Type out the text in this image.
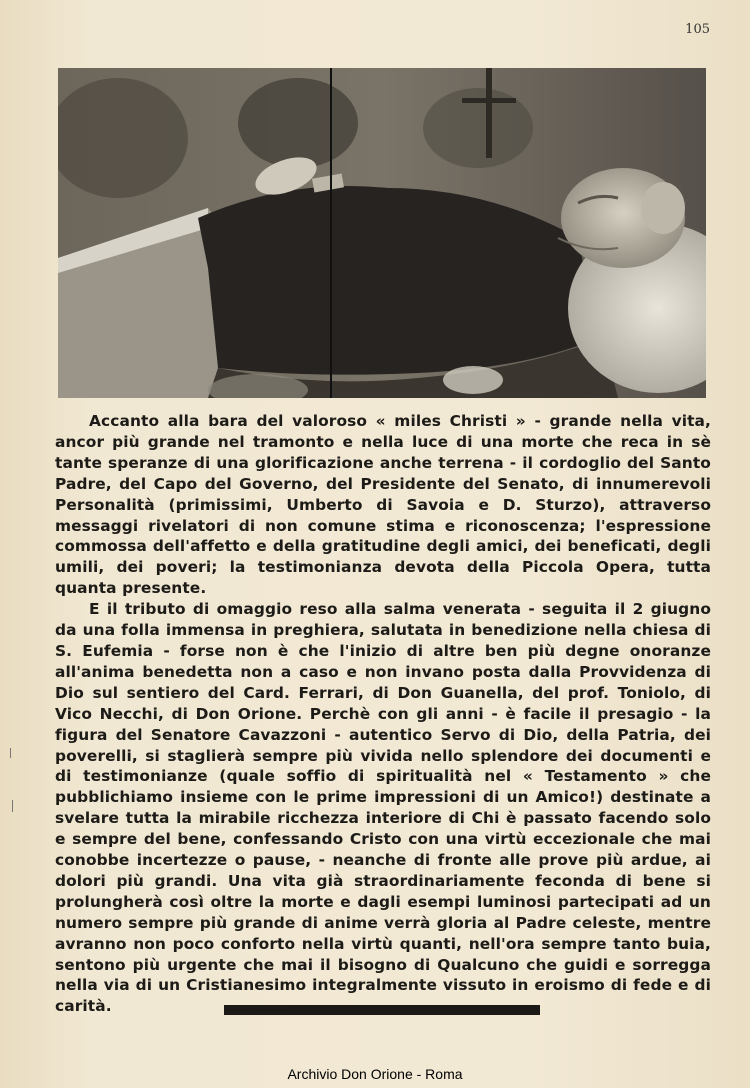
105

Accanto alla bara del valoroso « miles Christi » - grande nella vita, ancor più grande nel tramonto e nella luce di una morte che reca in sè tante speranze di una glorificazione anche terrena - il cordoglio del Santo Padre, del Capo del Governo, del Presidente del Senato, di innumerevoli Personalità (primissimi, Umberto di Savoia e D. Sturzo), attraverso messaggi rivelatori di non comune stima e riconoscenza; l'espressione commossa dell'affetto e della gratitudine degli amici, dei beneficati, degli umili, dei poveri; la testimonianza devota della Piccola Opera, tutta quanta presente.

E il tributo di omaggio reso alla salma venerata - seguita il 2 giugno da una folla immensa in preghiera, salutata in benedizione nella chiesa di S. Eufemia - forse non è che l'inizio di altre ben più degne onoranze all'anima benedetta non a caso e non invano posta dalla Provvidenza di Dio sul sentiero del Card. Ferrari, di Don Guanella, del prof. Toniolo, di Vico Necchi, di Don Orione. Perchè con gli anni - è facile il presagio - la figura del Senatore Cavazzoni - autentico Servo di Dio, della Patria, dei poverelli, si staglierà sempre più vivida nello splendore dei documenti e di testimonianze (quale soffio di spiritualità nel « Testamento » che pubblichiamo insieme con le prime impressioni di un Amico!) destinate a svelare tutta la mirabile ricchezza interiore di Chi è passato facendo solo e sempre del bene, confessando Cristo con una virtù eccezionale che mai conobbe incertezze o pause, - neanche di fronte alle prove più ardue, ai dolori più grandi. Una vita già straordinariamente feconda di bene si prolungherà così oltre la morte e dagli esempi luminosi partecipati ad un numero sempre più grande di anime verrà gloria al Padre celeste, mentre avranno non poco conforto nella virtù quanti, nell'ora sempre tanto buia, sentono più urgente che mai il bisogno di Qualcuno che guidi e sorregga nella via di un Cristianesimo integralmente vissuto in eroismo di fede e di carità.

Archivio Don Orione - Roma
